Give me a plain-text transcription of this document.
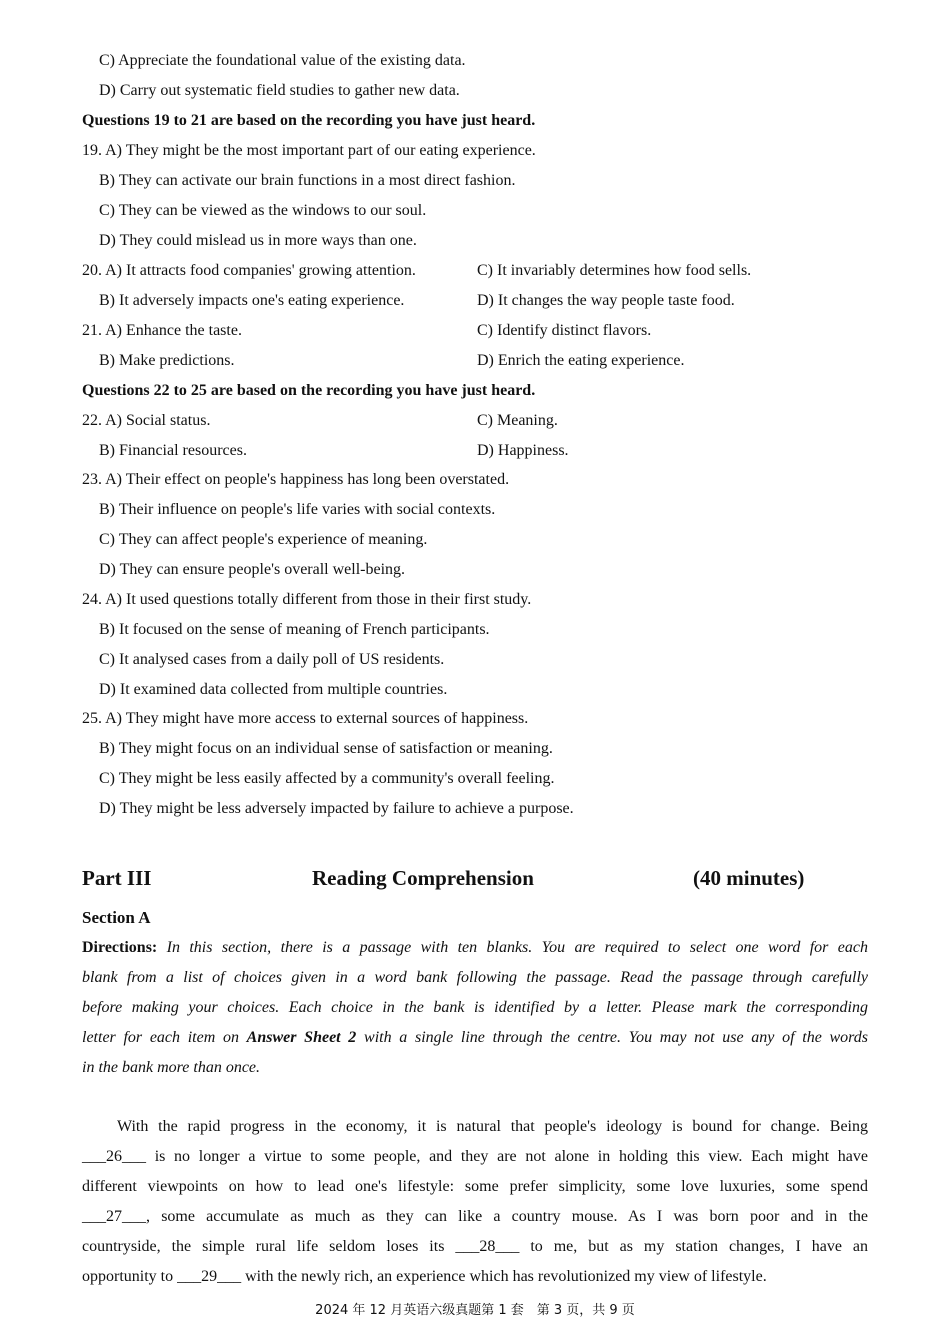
C) Appreciate the foundational value of the existing data.
D) Carry out systematic field studies to gather new data.
Questions 19 to 21 are based on the recording you have just heard.
19. A) They might be the most important part of our eating experience.
B) They can activate our brain functions in a most direct fashion.
C) They can be viewed as the windows to our soul.
D) They could mislead us in more ways than one.
20. A) It attracts food companies' growing attention.	C) It invariably determines how food sells.
B) It adversely impacts one's eating experience.	D) It changes the way people taste food.
21. A) Enhance the taste.	C) Identify distinct flavors.
B) Make predictions.	D) Enrich the eating experience.
Questions 22 to 25 are based on the recording you have just heard.
22. A) Social status.	C) Meaning.
B) Financial resources.	D) Happiness.
23. A) Their effect on people's happiness has long been overstated.
B) Their influence on people's life varies with social contexts.
C) They can affect people's experience of meaning.
D) They can ensure people's overall well-being.
24. A) It used questions totally different from those in their first study.
B) It focused on the sense of meaning of French participants.
C) It analysed cases from a daily poll of US residents.
D) It examined data collected from multiple countries.
25. A) They might have more access to external sources of happiness.
B) They might focus on an individual sense of satisfaction or meaning.
C) They might be less easily affected by a community's overall feeling.
D) They might be less adversely impacted by failure to achieve a purpose.
Part III	Reading Comprehension	(40 minutes)
Section A
Directions: In this section, there is a passage with ten blanks. You are required to select one word for each
blank from a list of choices given in a word bank following the passage. Read the passage through carefully
before making your choices. Each choice in the bank is identified by a letter. Please mark the corresponding
letter for each item on Answer Sheet 2 with a single line through the centre. You may not use any of the words
in the bank more than once.
With the rapid progress in the economy, it is natural that people's ideology is bound for change. Being
___26___ is no longer a virtue to some people, and they are not alone in holding this view. Each might have
different viewpoints on how to lead one's lifestyle: some prefer simplicity, some love luxuries, some spend
___27___, some accumulate as much as they can like a country mouse. As I was born poor and in the
countryside, the simple rural life seldom loses its ___28___ to me, but as my station changes, I have an
opportunity to ___29___ with the newly rich, an experience which has revolutionized my view of lifestyle.
2024 年 12 月英语六级真题第 1 套　第 3 页，共 9 页
